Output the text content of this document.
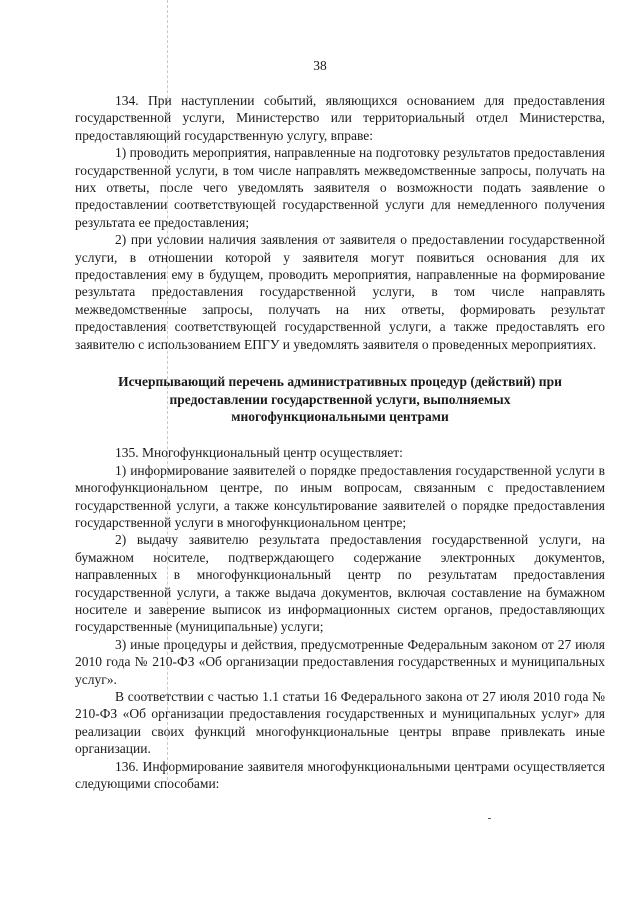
38

134. При наступлении событий, являющихся основанием для предоставления государственной услуги, Министерство или территориальный отдел Министерства, предоставляющий государственную услугу, вправе:

1) проводить мероприятия, направленные на подготовку результатов предоставления государственной услуги, в том числе направлять межведомственные запросы, получать на них ответы, после чего уведомлять заявителя о возможности подать заявление о предоставлении соответствующей государственной услуги для немедленного получения результата ее предоставления;

2) при условии наличия заявления от заявителя о предоставлении государственной услуги, в отношении которой у заявителя могут появиться основания для их предоставления ему в будущем, проводить мероприятия, направленные на формирование результата предоставления государственной услуги, в том числе направлять межведомственные запросы, получать на них ответы, формировать результат предоставления соответствующей государственной услуги, а также предоставлять его заявителю с использованием ЕПГУ и уведомлять заявителя о проведенных мероприятиях.

Исчерпывающий перечень административных процедур (действий) при предоставлении государственной услуги, выполняемых многофункциональными центрами

135. Многофункциональный центр осуществляет:

1) информирование заявителей о порядке предоставления государственной услуги в многофункциональном центре, по иным вопросам, связанным с предоставлением государственной услуги, а также консультирование заявителей о порядке предоставления государственной услуги в многофункциональном центре;

2) выдачу заявителю результата предоставления государственной услуги, на бумажном носителе, подтверждающего содержание электронных документов, направленных в многофункциональный центр по результатам предоставления государственной услуги, а также выдача документов, включая составление на бумажном носителе и заверение выписок из информационных систем органов, предоставляющих государственные (муниципальные) услуги;

3) иные процедуры и действия, предусмотренные Федеральным законом от 27 июля 2010 года № 210-ФЗ «Об организации предоставления государственных и муниципальных услуг».

В соответствии с частью 1.1 статьи 16 Федерального закона от 27 июля 2010 года № 210-ФЗ «Об организации предоставления государственных и муниципальных услуг» для реализации своих функций многофункциональные центры вправе привлекать иные организации.

136. Информирование заявителя многофункциональными центрами осуществляется следующими способами:
